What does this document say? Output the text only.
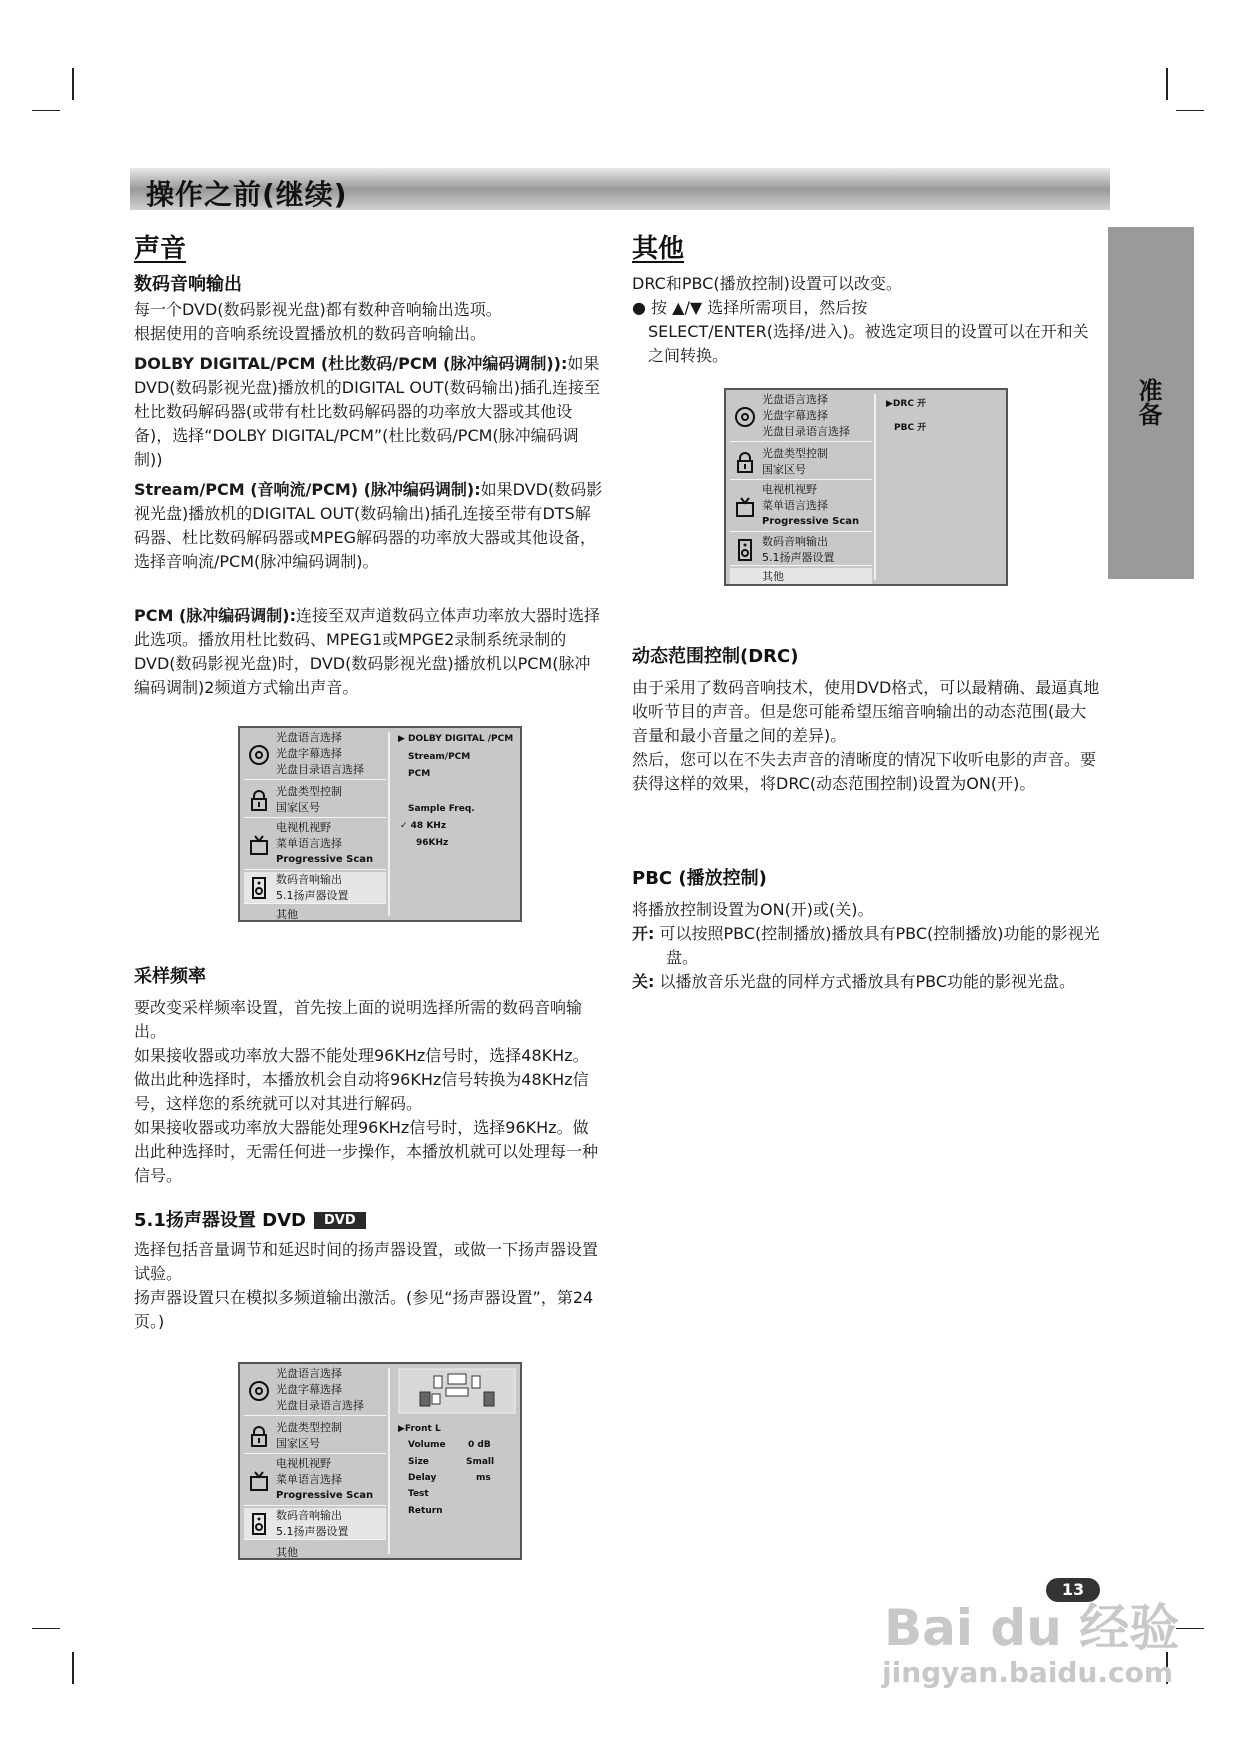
操作之前(继续)
准备
声音
数码音响输出
每一个DVD(数码影视光盘)都有数种音响输出选项。
根据使用的音响系统设置播放机的数码音响输出。
DOLBY DIGITAL/PCM (杜比数码/PCM (脉冲编码调制)):如果DVD(数码影视光盘)播放机的DIGITAL OUT(数码输出)插孔连接至杜比数码解码器(或带有杜比数码解码器的功率放大器或其他设备)，选择“DOLBY DIGITAL/PCM”(杜比数码/PCM(脉冲编码调制))
Stream/PCM (音响流/PCM) (脉冲编码调制):如果DVD(数码影视光盘)播放机的DIGITAL OUT(数码输出)插孔连接至带有DTS解码器、杜比数码解码器或MPEG解码器的功率放大器或其他设备，选择音响流/PCM(脉冲编码调制)。
PCM (脉冲编码调制):连接至双声道数码立体声功率放大器时选择此选项。播放用杜比数码、MPEG1或MPGE2录制系统录制的DVD(数码影视光盘)时，DVD(数码影视光盘)播放机以PCM(脉冲编码调制)2频道方式输出声音。
光盘语言选择
光盘字幕选择
光盘目录语言选择
光盘类型控制
国家区号
电视机视野
菜单语言选择
Progressive Scan
数码音响输出
5.1扬声器设置
其他
▶ DOLBY DIGITAL /PCM
Stream/PCM
PCM
Sample Freq.
✓ 48 KHz
96KHz
采样频率
要改变采样频率设置，首先按上面的说明选择所需的数码音响输出。
如果接收器或功率放大器不能处理96KHz信号时，选择48KHz。做出此种选择时，本播放机会自动将96KHz信号转换为48KHz信号，这样您的系统就可以对其进行解码。
如果接收器或功率放大器能处理96KHz信号时，选择96KHz。做出此种选择时，无需任何进一步操作，本播放机就可以处理每一种信号。
5.1扬声器设置 DVD DVD
选择包括音量调节和延迟时间的扬声器设置，或做一下扬声器设置试验。
扬声器设置只在模拟多频道输出激活。(参见“扬声器设置”，第24页。)
光盘语言选择
光盘字幕选择
光盘目录语言选择
光盘类型控制
国家区号
电视机视野
菜单语言选择
Progressive Scan
数码音响输出
5.1扬声器设置
其他
▶Front L
Volume 0 dB
Size	Small
Delay	ms
Test
Return
其他
DRC和PBC(播放控制)设置可以改变。
● 按 ▲/▼ 选择所需项目，然后按
SELECT/ENTER(选择/进入)。被选定项目的设置可以在开和关之间转换。
光盘语言选择
光盘字幕选择
光盘目录语言选择
光盘类型控制
国家区号
电视机视野
菜单语言选择
Progressive Scan
数码音响输出
5.1扬声器设置
其他
▶DRC 开
PBC 开
动态范围控制(DRC)
由于采用了数码音响技术，使用DVD格式，可以最精确、最逼真地收听节目的声音。但是您可能希望压缩音响输出的动态范围(最大音量和最小音量之间的差异)。
然后，您可以在不失去声音的清晰度的情况下收听电影的声音。要获得这样的效果，将DRC(动态范围控制)设置为ON(开)。
PBC (播放控制)
将播放控制设置为ON(开)或(关)。
开: 可以按照PBC(控制播放)播放具有PBC(控制播放)功能的影视光盘。
关: 以播放音乐光盘的同样方式播放具有PBC功能的影视光盘。
13
Bai du 经验
jingyan.baidu.com
